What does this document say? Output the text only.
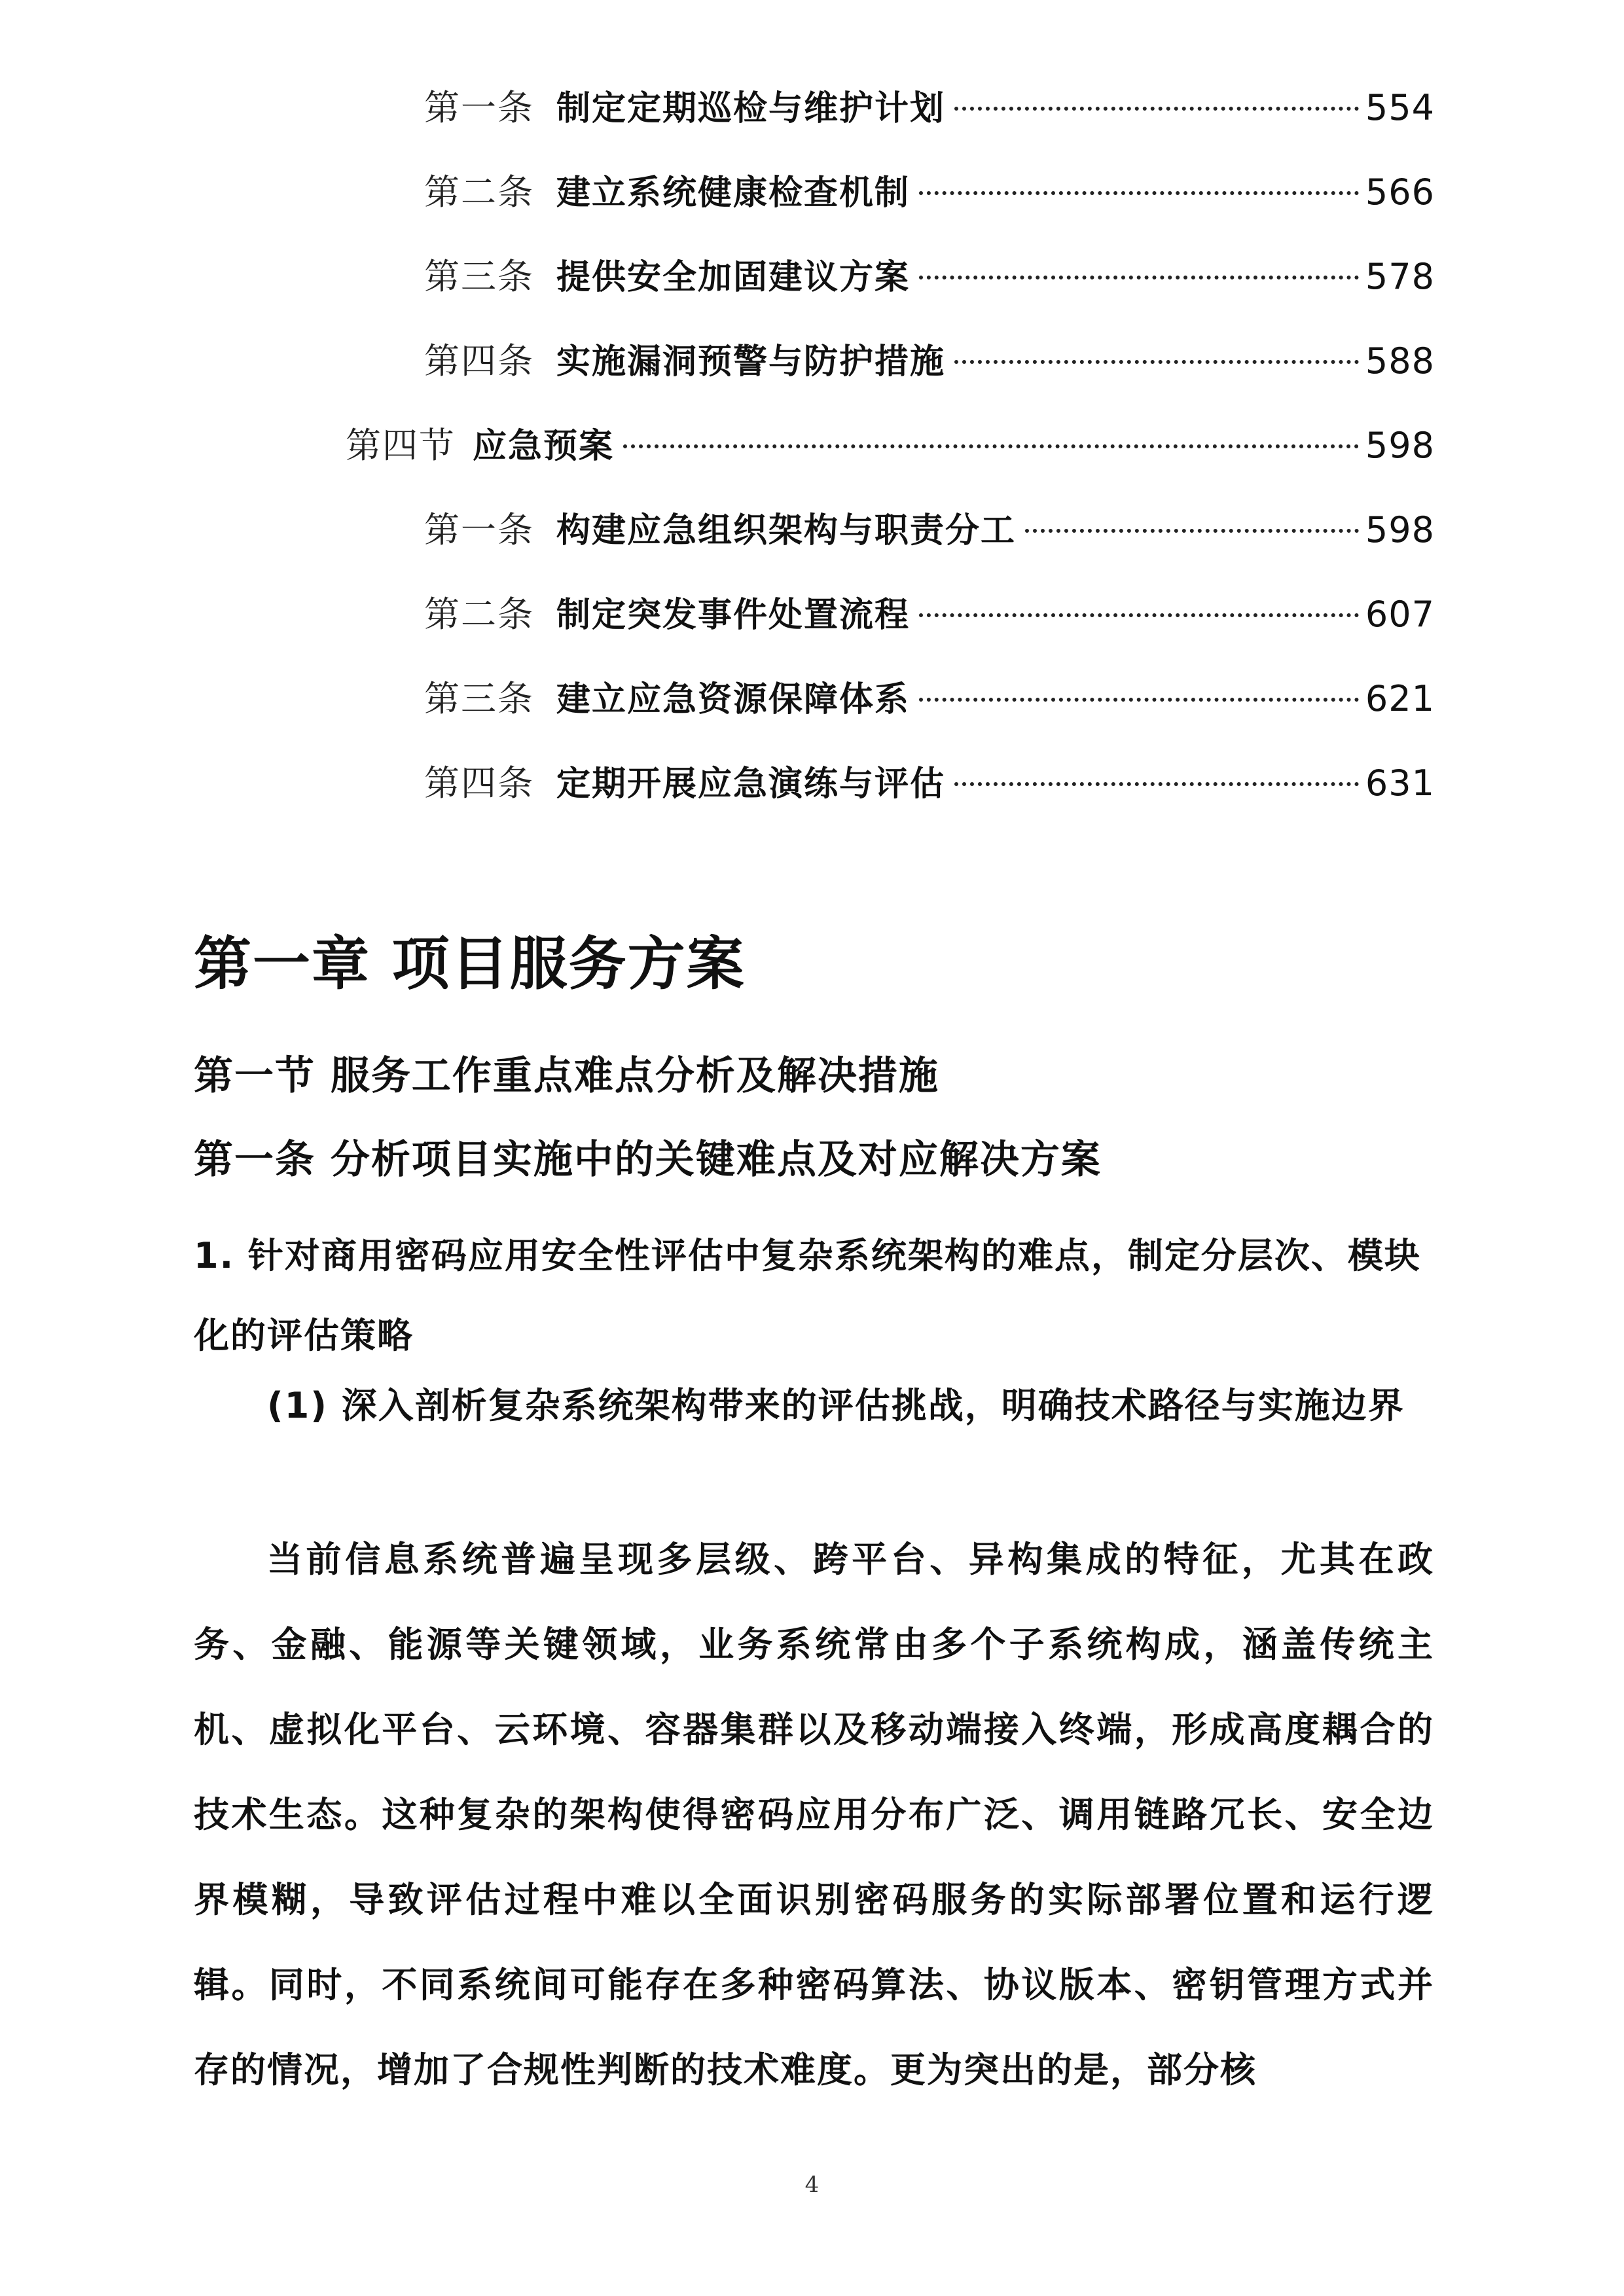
第一条 制定定期巡检与维护计划	554
第二条 建立系统健康检查机制	566
第三条 提供安全加固建议方案	578
第四条 实施漏洞预警与防护措施	588
第四节 应急预案	598
第一条 构建应急组织架构与职责分工	598
第二条 制定突发事件处置流程	607
第三条 建立应急资源保障体系	621
第四条 定期开展应急演练与评估	631
第一章 项目服务方案
第一节 服务工作重点难点分析及解决措施
第一条 分析项目实施中的关键难点及对应解决方案
1. 针对商用密码应用安全性评估中复杂系统架构的难点，制定分层次、模块化的评估策略
(1) 深入剖析复杂系统架构带来的评估挑战，明确技术路径与实施边界
当前信息系统普遍呈现多层级、跨平台、异构集成的特征，尤其在政务、金融、能源等关键领域，业务系统常由多个子系统构成，涵盖传统主机、虚拟化平台、云环境、容器集群以及移动端接入终端，形成高度耦合的技术生态。这种复杂的架构使得密码应用分布广泛、调用链路冗长、安全边界模糊，导致评估过程中难以全面识别密码服务的实际部署位置和运行逻辑。同时，不同系统间可能存在多种密码算法、协议版本、密钥管理方式并存的情况，增加了合规性判断的技术难度。更为突出的是，部分核
4
